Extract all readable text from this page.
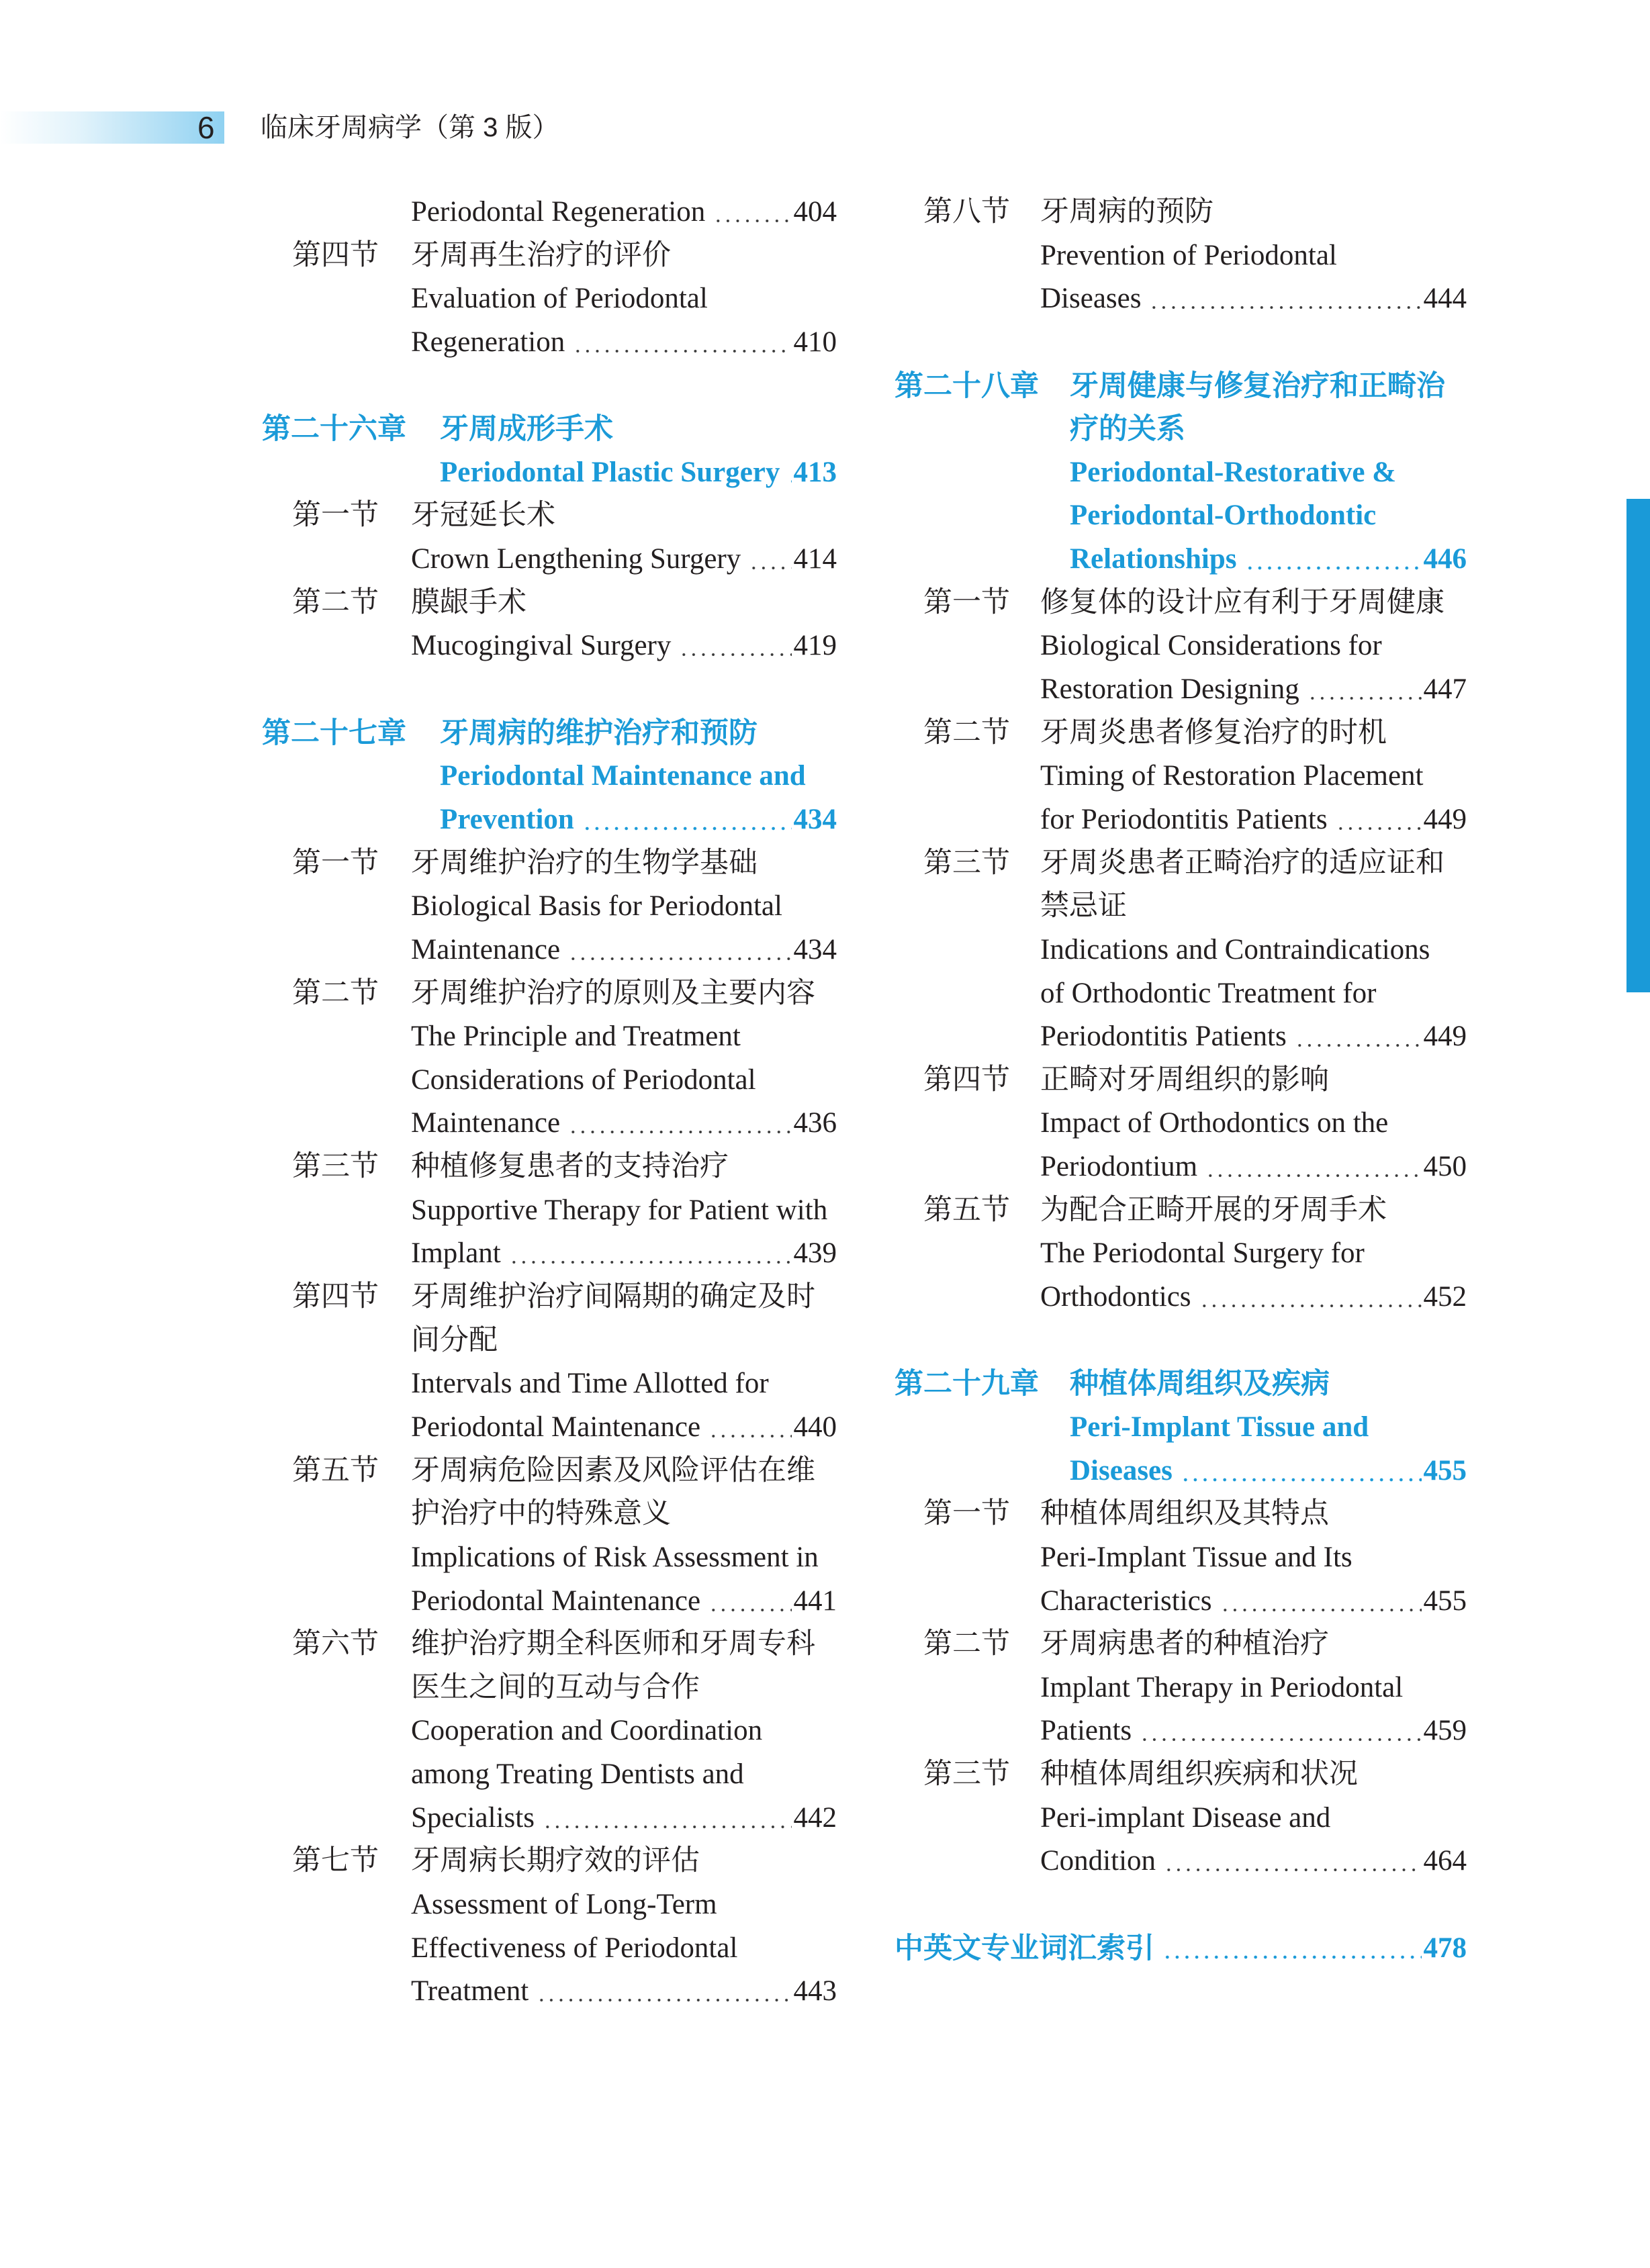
6 临床牙周病学（第 3 版）
Periodontal Regeneration	404
第四节 牙周再生治疗的评价
Evaluation of Periodontal
Regeneration	410
第二十六章 牙周成形手术
Periodontal Plastic Surgery 413
第一节 牙冠延长术
Crown Lengthening Surgery 414
第二节 膜龈手术
Mucogingival Surgery	419
第二十七章 牙周病的维护治疗和预防
Periodontal Maintenance and
Prevention	434
第一节 牙周维护治疗的生物学基础
Biological Basis for Periodontal
Maintenance	434
第二节 牙周维护治疗的原则及主要内容
The Principle and Treatment
Considerations of Periodontal
Maintenance	436
第三节 种植修复患者的支持治疗
Supportive Therapy for Patient with
Implant	439
第四节 牙周维护治疗间隔期的确定及时
间分配
Intervals and Time Allotted for
Periodontal Maintenance	440
第五节 牙周病危险因素及风险评估在维
护治疗中的特殊意义
Implications of Risk Assessment in
Periodontal Maintenance	441
第六节 维护治疗期全科医师和牙周专科
医生之间的互动与合作
Cooperation and Coordination
among Treating Dentists and
Specialists	442
第七节 牙周病长期疗效的评估
Assessment of Long-Term
Effectiveness of Periodontal
Treatment	443
第八节 牙周病的预防
Prevention of Periodontal
Diseases	444
第二十八章 牙周健康与修复治疗和正畸治
疗的关系
Periodontal-Restorative &
Periodontal-Orthodontic
Relationships	446
第一节 修复体的设计应有利于牙周健康
Biological Considerations for
Restoration Designing	447
第二节 牙周炎患者修复治疗的时机
Timing of Restoration Placement
for Periodontitis Patients	449
第三节 牙周炎患者正畸治疗的适应证和
禁忌证
Indications and Contraindications
of Orthodontic Treatment for
Periodontitis Patients	449
第四节 正畸对牙周组织的影响
Impact of Orthodontics on the
Periodontium	450
第五节 为配合正畸开展的牙周手术
The Periodontal Surgery for
Orthodontics	452
第二十九章 种植体周组织及疾病
Peri-Implant Tissue and
Diseases	455
第一节 种植体周组织及其特点
Peri-Implant Tissue and Its
Characteristics	455
第二节 牙周病患者的种植治疗
Implant Therapy in Periodontal
Patients	459
第三节 种植体周组织疾病和状况
Peri-implant Disease and
Condition	464
中英文专业词汇索引	478
